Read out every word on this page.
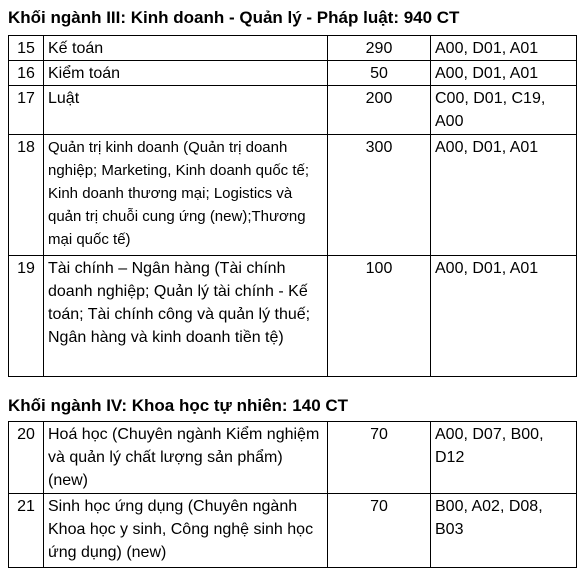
Khối ngành III: Kinh doanh - Quản lý - Pháp luật: 940 CT
15	Kế toán	290	A00, D01, A01
16	Kiểm toán	50	A00, D01, A01
17	Luật	200	C00, D01, C19, A00
18	Quản trị kinh doanh (Quản trị doanh nghiệp; Marketing, Kinh doanh quốc tế; Kinh doanh thương mại; Logistics và quản trị chuỗi cung ứng (new);Thương mại quốc tế)	300	A00, D01, A01
19	Tài chính – Ngân hàng (Tài chính doanh nghiệp; Quản lý tài chính - Kế toán; Tài chính công và quản lý thuế; Ngân hàng và kinh doanh tiền tệ)	100	A00, D01, A01
Khối ngành IV: Khoa học tự nhiên: 140 CT
20	Hoá học (Chuyên ngành Kiểm nghiệm và quản lý chất lượng sản phẩm) (new)	70	A00, D07, B00, D12
21	Sinh học ứng dụng (Chuyên ngành Khoa học y sinh, Công nghệ sinh học ứng dụng) (new)	70	B00, A02, D08, B03
